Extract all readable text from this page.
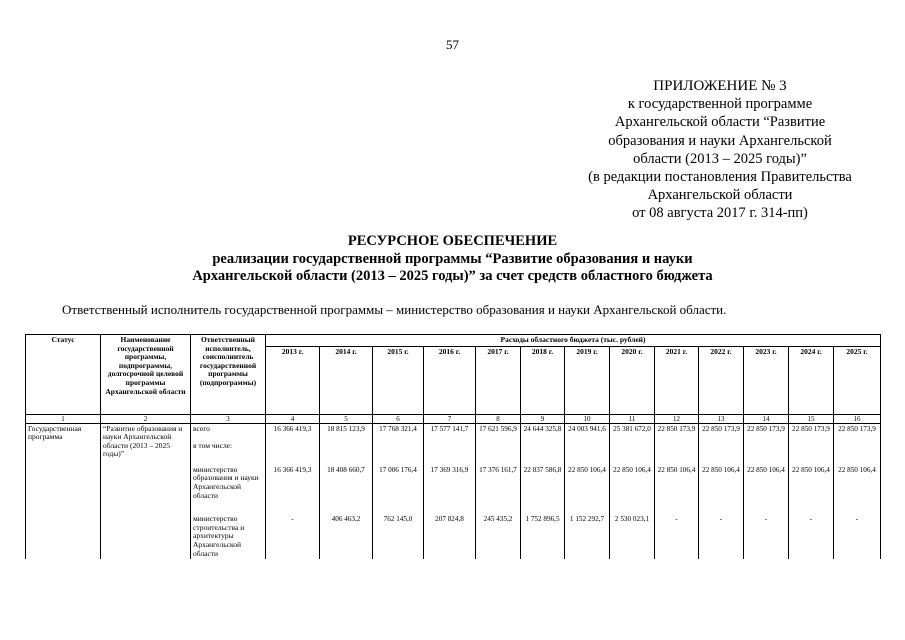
57
ПРИЛОЖЕНИЕ № 3
к государственной программе
Архангельской области “Развитие
образования и науки Архангельской
области (2013 – 2025 годы)”
(в редакции постановления Правительства
Архангельской области
от 08 августа 2017 г. 314-пп)
РЕСУРСНОЕ ОБЕСПЕЧЕНИЕ
реализации государственной программы “Развитие образования и науки
Архангельской области (2013 – 2025 годы)” за счет средств областного бюджета
Ответственный исполнитель государственной программы – министерство образования и науки Архангельской области.
Статус	Наименование государственной программы, подпрограммы, долгосрочной целевой программы Архангельской области	Ответственный исполнитель, соисполнитель государственной программы (подпрограммы)	Расходы областного бюджета (тыс. рублей)												
			2013 г.	2014 г.	2015 г.	2016 г.	2017 г.	2018 г.	2019 г.	2020 г.	2021 г.	2022 г.	2023 г.	2024 г.	2025 г.
1	2	3	4	5	6	7	8	9	10	11	12	13	14	15	16
Государственная программа	“Развитие образования и науки Архангельской области (2013 – 2025 годы)”	всего	16 366 419,3	18 815 123,9	17 768 321,4	17 577 141,7	17 621 596,9	24 644 325,8	24 003 941,6	25 381 672,0	22 850 173,9	22 850 173,9	22 850 173,9	22 850 173,9	22 850 173,9
		в том числе:													
		министерство образования и науки Архангельской области	16 366 419,3	18 408 660,7	17 006 176,4	17 369 316,9	17 376 161,7	22 837 586,8	22 850 106,4	22 850 106,4	22 850 106,4	22 850 106,4	22 850 106,4	22 850 106,4	22 850 106,4
		министерство строительства и архитектуры Архангельской области	-	406 463,2	762 145,0	207 824,8	245 435,2	1 752 896,5	1 152 292,7	2 530 023,1	-	-	-	-	-
